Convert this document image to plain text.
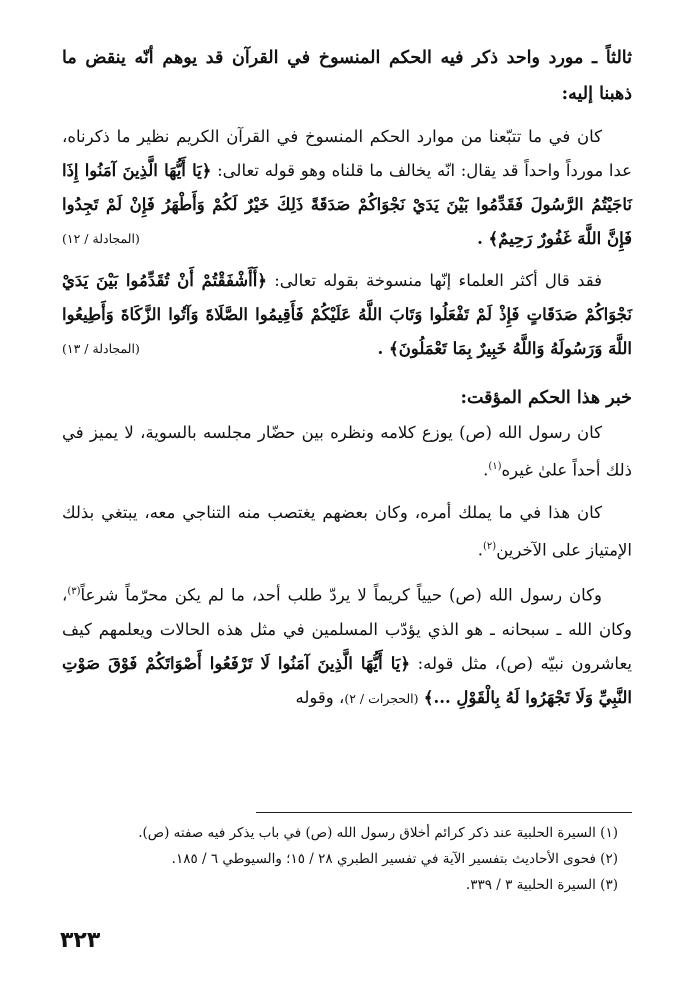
ثالثاً ـ مورد واحد ذكر فيه الحكم المنسوخ في القرآن قد يوهم أنّه ينقض ما ذهبنا إليه:

كان في ما تتبّعنا من موارد الحكم المنسوخ في القرآن الكريم نظير ما ذكرناه، عدا مورداً واحداً قد يقال: انّه يخالف ما قلناه وهو قوله تعالى: ﴿يَا أَيُّهَا الَّذِينَ آمَنُوا إِذَا نَاجَيْتُمُ الرَّسُولَ فَقَدِّمُوا بَيْنَ يَدَيْ نَجْوَاكُمْ صَدَقَةً ذَلِكَ خَيْرٌ لَكُمْ وَأَطْهَرُ فَإِنْ لَمْ تَجِدُوا فَإِنَّ اللَّهَ غَفُورٌ رَحِيمٌ﴾ .
(المجادلة / ١٢)

فقد قال أكثر العلماء إنّها منسوخة بقوله تعالى: ﴿أَأَشْفَقْتُمْ أَنْ تُقَدِّمُوا بَيْنَ يَدَيْ نَجْوَاكُمْ صَدَقَاتٍ فَإِذْ لَمْ تَفْعَلُوا وَتَابَ اللَّهُ عَلَيْكُمْ فَأَقِيمُوا الصَّلَاةَ وَآتُوا الزَّكَاةَ وَأَطِيعُوا اللَّهَ وَرَسُولَهُ وَاللَّهُ خَبِيرٌ بِمَا تَعْمَلُونَ﴾ .
(المجادلة / ١٣)

خبر هذا الحكم المؤقت:

كان رسول الله (ص) يوزع كلامه ونظره بين حضّار مجلسه بالسوية، لا يميز في ذلك أحداً علىٰ غيره$^{(١)}$.

كان هذا في ما يملك أمره، وكان بعضهم يغتصب منه التناجي معه، يبتغي بذلك الإمتياز على الآخرين$^{(٢)}$.

وكان رسول الله (ص) حيياً كريماً لا يردّ طلب أحد، ما لم يكن محرّماً شرعاً$^{(٣)}$، وكان الله ـ سبحانه ـ هو الذي يؤدّب المسلمين في مثل هذه الحالات ويعلمهم كيف يعاشرون نبيّه (ص)، مثل قوله: ﴿يَا أَيُّهَا الَّذِينَ آمَنُوا لَا تَرْفَعُوا أَصْوَاتَكُمْ فَوْقَ صَوْتِ النَّبِيِّ وَلَا تَجْهَرُوا لَهُ بِالْقَوْلِ ...﴾ (الحجرات / ٢)، وقوله

(١) السيرة الحلبية عند ذكر كرائم أخلاق رسول الله (ص) في باب يذكر فيه صفته (ص).

(٢) فحوى الأحاديث بتفسير الآية في تفسير الطبري ٢٨ / ١٥؛ والسيوطي ٦ / ١٨٥.

(٣) السيرة الحلبية ٣ / ٣٣٩.

٣٢٣
